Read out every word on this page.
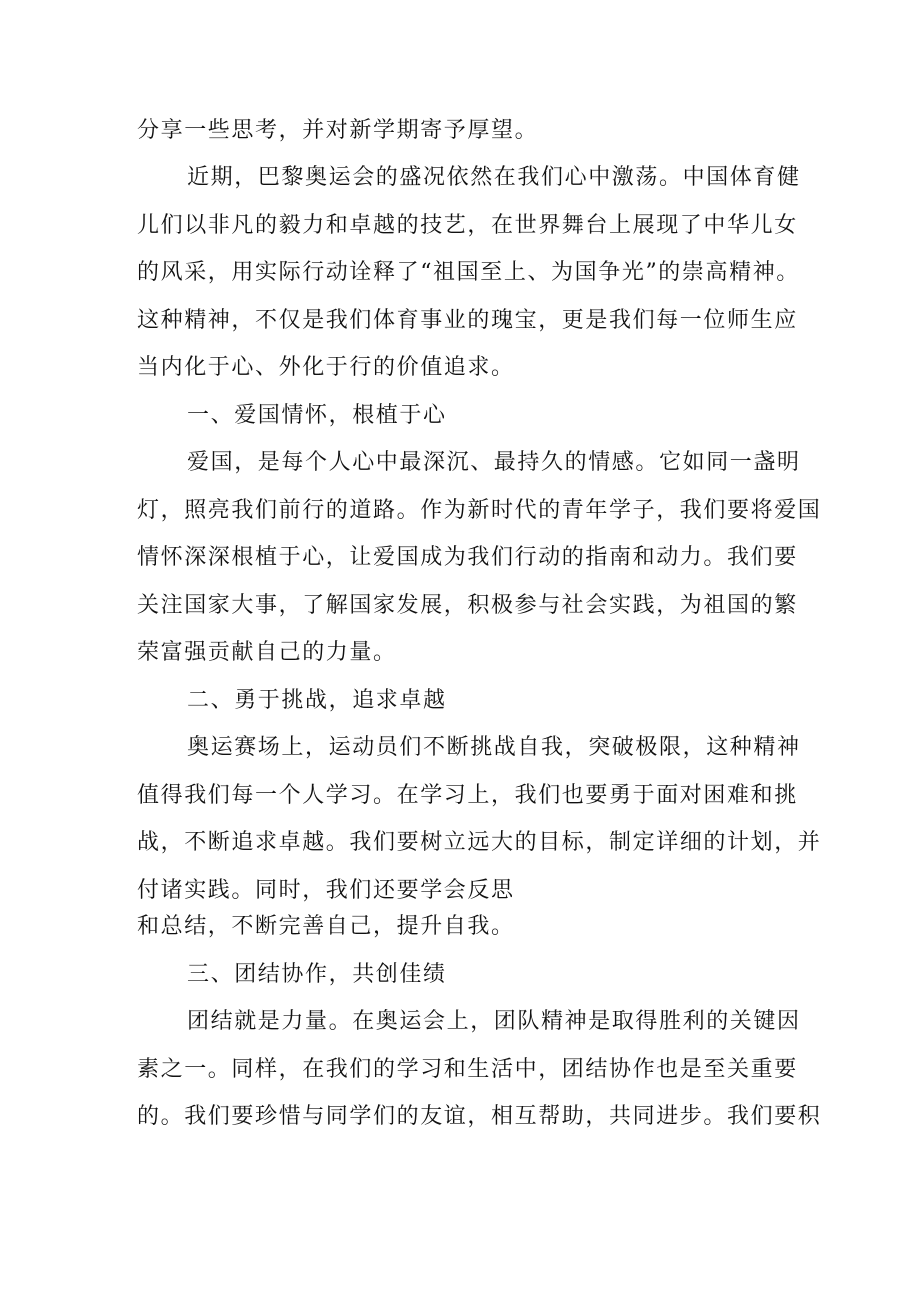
分享一些思考，并对新学期寄予厚望。
近期，巴黎奥运会的盛况依然在我们心中激荡。中国体育健
儿们以非凡的毅力和卓越的技艺，在世界舞台上展现了中华儿女
的风采，用实际行动诠释了“祖国至上、为国争光”的崇高精神。
这种精神，不仅是我们体育事业的瑰宝，更是我们每一位师生应
当内化于心、外化于行的价值追求。
一、爱国情怀，根植于心
爱国，是每个人心中最深沉、最持久的情感。它如同一盏明
灯，照亮我们前行的道路。作为新时代的青年学子，我们要将爱国
情怀深深根植于心，让爱国成为我们行动的指南和动力。我们要
关注国家大事，了解国家发展，积极参与社会实践，为祖国的繁
荣富强贡献自己的力量。
二、勇于挑战，追求卓越
奥运赛场上，运动员们不断挑战自我，突破极限，这种精神
值得我们每一个人学习。在学习上，我们也要勇于面对困难和挑
战，不断追求卓越。我们要树立远大的目标，制定详细的计划，并
付诸实践。同时，我们还要学会反思
和总结，不断完善自己，提升自我。
三、团结协作，共创佳绩
团结就是力量。在奥运会上，团队精神是取得胜利的关键因
素之一。同样，在我们的学习和生活中，团结协作也是至关重要
的。我们要珍惜与同学们的友谊，相互帮助，共同进步。我们要积
